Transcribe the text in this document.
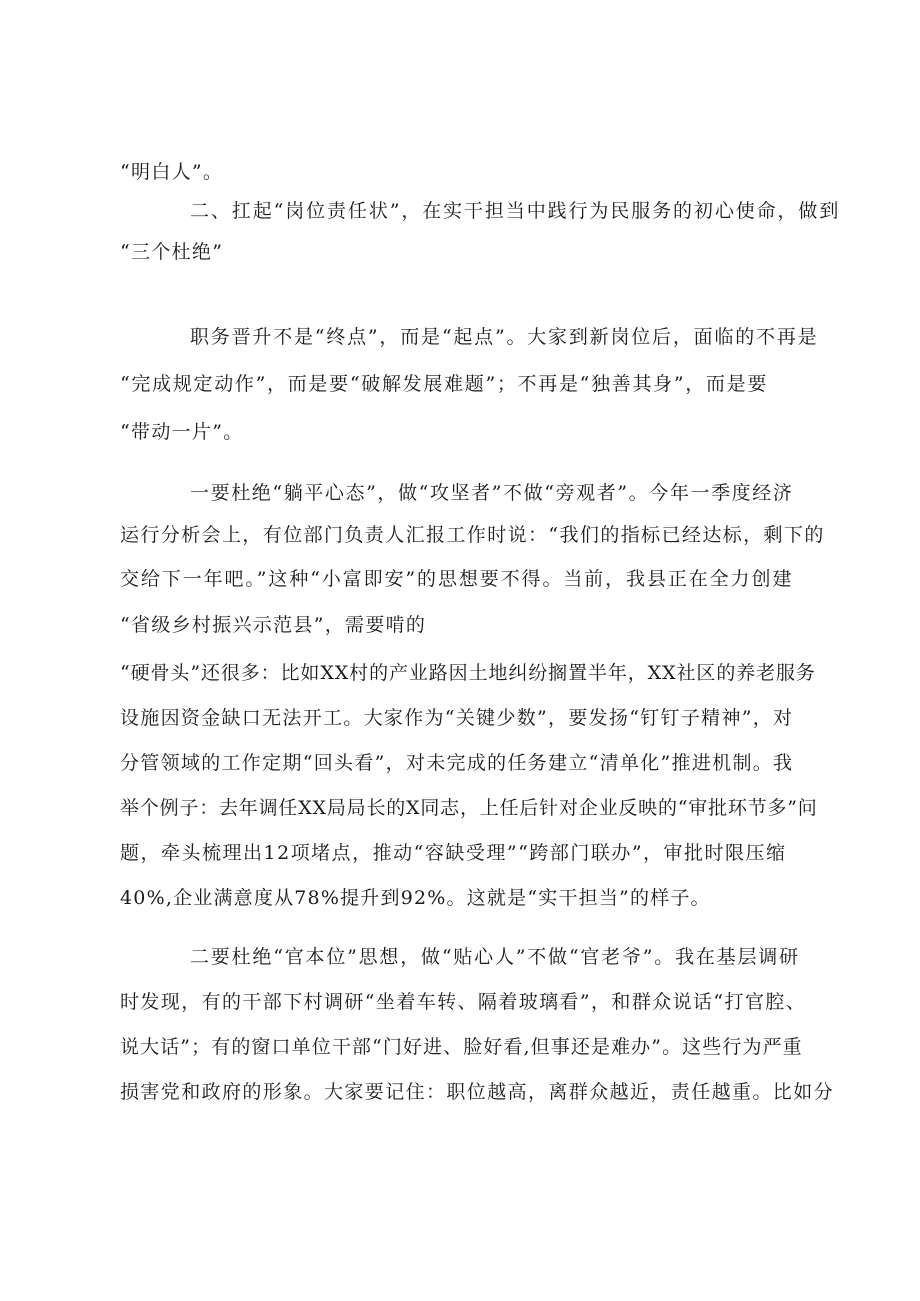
“明白人”。

二、扛起“岗位责任状”，在实干担当中践行为民服务的初心使命，做到

“三个杜绝”

职务晋升不是“终点”，而是“起点”。大家到新岗位后，面临的不再是

“完成规定动作”，而是要“破解发展难题”；不再是“独善其身”，而是要

“带动一片”。

一要杜绝“躺平心态”，做“攻坚者”不做“旁观者”。今年一季度经济

运行分析会上，有位部门负责人汇报工作时说：“我们的指标已经达标，剩下的

交给下一年吧。”这种“小富即安”的思想要不得。当前，我县正在全力创建

“省级乡村振兴示范县”，需要啃的

“硬骨头”还很多：比如XX村的产业路因土地纠纷搁置半年，XX社区的养老服务

设施因资金缺口无法开工。大家作为“关键少数”，要发扬“钉钉子精神”，对

分管领域的工作定期“回头看”，对未完成的任务建立“清单化”推进机制。我

举个例子：去年调任XX局局长的X同志，上任后针对企业反映的“审批环节多”问

题，牵头梳理出12项堵点，推动“容缺受理”“跨部门联办”，审批时限压缩

40%,企业满意度从78%提升到92%。这就是“实干担当”的样子。

二要杜绝“官本位”思想，做“贴心人”不做“官老爷”。我在基层调研

时发现，有的干部下村调研“坐着车转、隔着玻璃看”，和群众说话“打官腔、

说大话”；有的窗口单位干部“门好进、脸好看,但事还是难办”。这些行为严重

损害党和政府的形象。大家要记住：职位越高，离群众越近，责任越重。比如分
